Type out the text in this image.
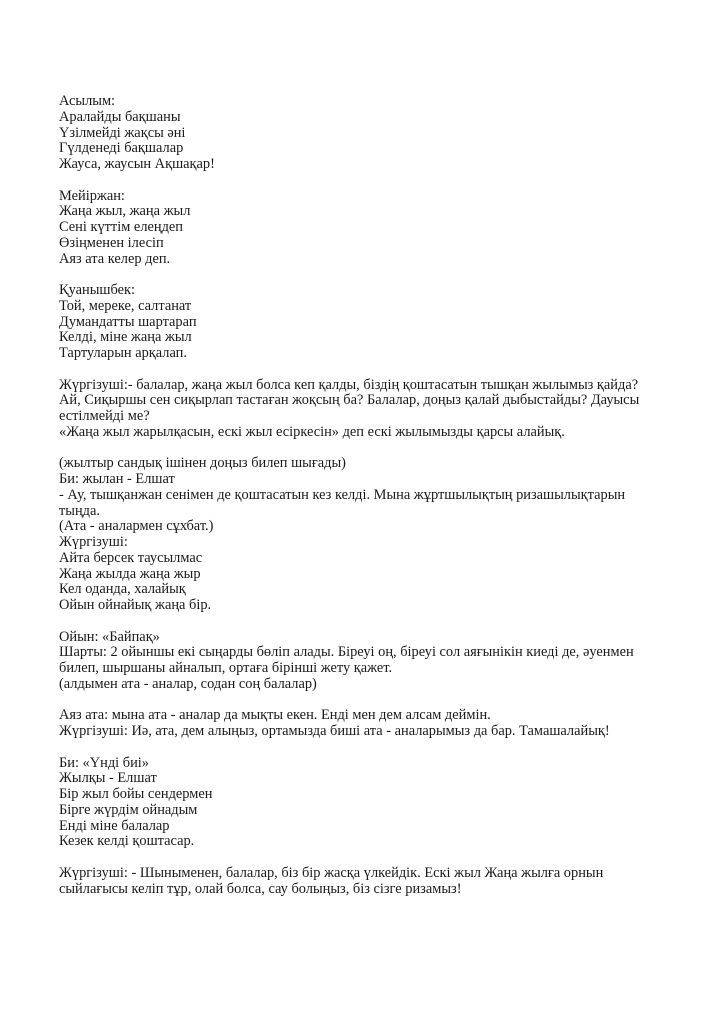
Асылым:
Аралайды бақшаны
Үзілмейді жақсы әні
Гүлденеді бақшалар
Жауса, жаусын Ақшақар!
Мейіржан:
Жаңа жыл, жаңа жыл
Сені күттім елеңдеп
Өзіңменен ілесіп
Аяз ата келер деп.
Қуанышбек:
Той, мереке, салтанат
Думандатты шартарап
Келді, міне жаңа жыл
Тартуларын арқалап.
Жүргізуші:- балалар, жаңа жыл болса кеп қалды, біздің қоштасатын тышқан жылымыз қайда?
Ай, Сиқыршы сен сиқырлап тастаған жоқсың ба? Балалар, доңыз қалай дыбыстайды? Дауысы
естілмейді ме?
«Жаңа жыл жарылқасын, ескі жыл есіркесін» деп ескі жылымызды қарсы алайық.
(жылтыр сандық ішінен доңыз билеп шығады)
Би: жылан - Елшат
- Ау, тышқанжан сенімен де қоштасатын кез келді. Мына жұртшылықтың ризашылықтарын
тыңда.
(Ата - аналармен сұхбат.)
Жүргізуші:
Айта берсек таусылмас
Жаңа жылда жаңа жыр
Кел оданда, халайық
Ойын ойнайық жаңа бір.
Ойын: «Байпақ»
Шарты: 2 ойыншы екі сыңарды бөліп алады. Біреуі оң, біреуі сол аяғынікін киеді де, әуенмен
билеп, шыршаны айналып, ортаға бірінші жету қажет.
(алдымен ата - аналар, содан соң балалар)
Аяз ата: мына ата - аналар да мықты екен. Енді мен дем алсам деймін.
Жүргізуші: Иә, ата, дем алыңыз, ортамызда биші ата - аналарымыз да бар. Тамашалайық!
Би: «Үнді биі»
Жылқы - Елшат
Бір жыл бойы сендермен
Бірге жүрдім ойнадым
Енді міне балалар
Кезек келді қоштасар.
Жүргізуші: - Шыныменен, балалар, біз бір жасқа үлкейдік. Ескі жыл Жаңа жылға орнын
сыйлағысы келіп тұр, олай болса, сау болыңыз, біз сізге ризамыз!
